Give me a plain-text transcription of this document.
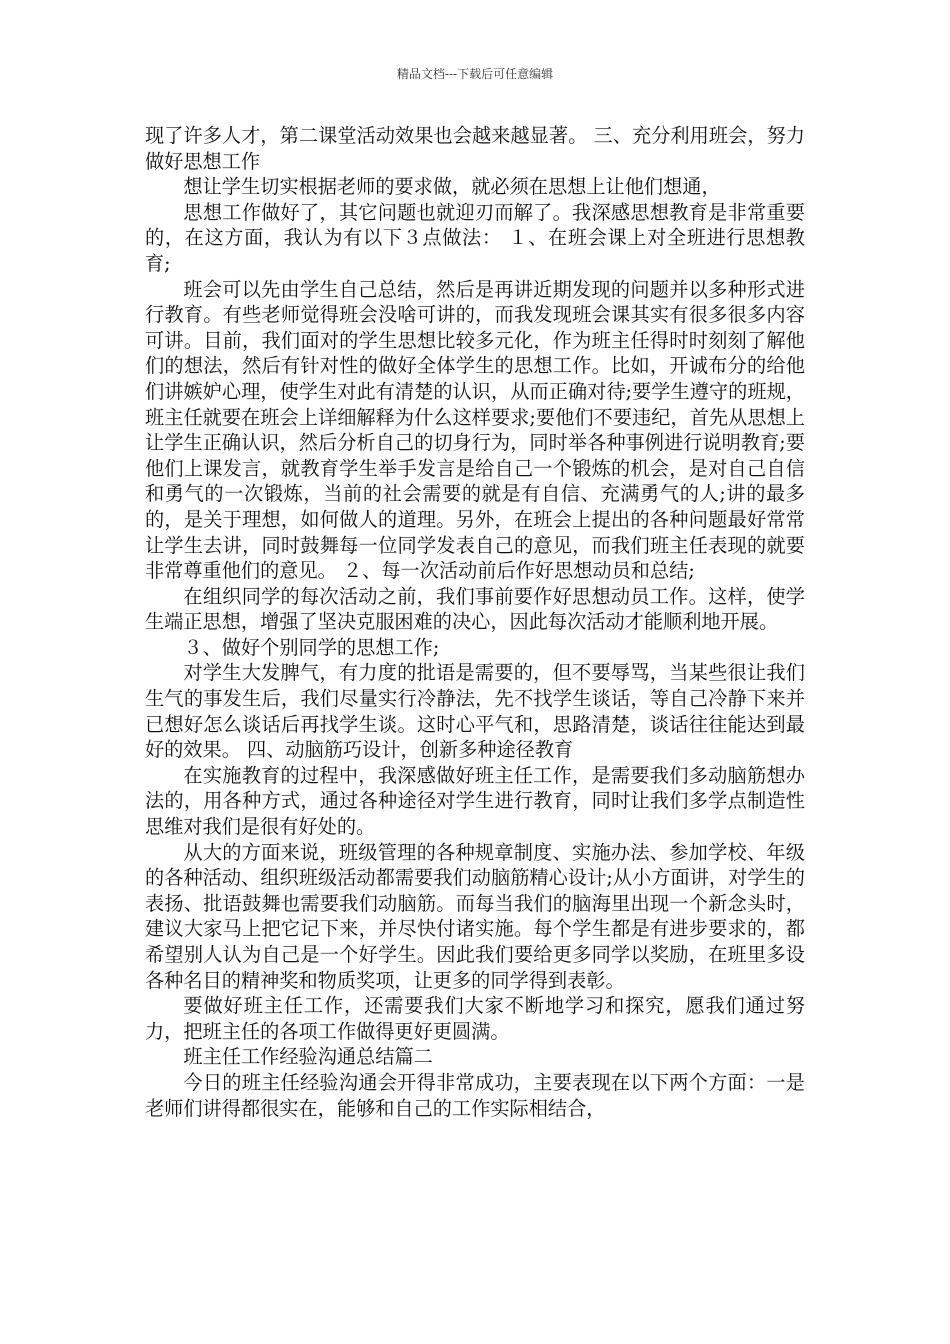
精品文档---下载后可任意编辑

现了许多人才，第二课堂活动效果也会越来越显著。 三、充分利用班会，努力做好思想工作

想让学生切实根据老师的要求做，就必须在思想上让他们想通，

思想工作做好了，其它问题也就迎刃而解了。我深感思想教育是非常重要的，在这方面，我认为有以下３点做法： １、在班会课上对全班进行思想教育;

班会可以先由学生自己总结，然后是再讲近期发现的问题并以多种形式进行教育。有些老师觉得班会没啥可讲的，而我发现班会课其实有很多很多内容可讲。目前，我们面对的学生思想比较多元化，作为班主任得时时刻刻了解他们的想法，然后有针对性的做好全体学生的思想工作。比如，开诚布分的给他们讲嫉妒心理，使学生对此有清楚的认识，从而正确对待;要学生遵守的班规，班主任就要在班会上详细解释为什么这样要求;要他们不要违纪，首先从思想上让学生正确认识，然后分析自己的切身行为，同时举各种事例进行说明教育;要他们上课发言，就教育学生举手发言是给自己一个锻炼的机会，是对自己自信和勇气的一次锻炼，当前的社会需要的就是有自信、充满勇气的人;讲的最多的，是关于理想，如何做人的道理。另外，在班会上提出的各种问题最好常常让学生去讲，同时鼓舞每一位同学发表自己的意见，而我们班主任表现的就要非常尊重他们的意见。 ２、每一次活动前后作好思想动员和总结;

在组织同学的每次活动之前，我们事前要作好思想动员工作。这样，使学生端正思想，增强了坚决克服困难的决心，因此每次活动才能顺利地开展。

３、做好个别同学的思想工作;

对学生大发脾气，有力度的批语是需要的，但不要辱骂，当某些很让我们生气的事发生后，我们尽量实行冷静法，先不找学生谈话，等自己冷静下来并已想好怎么谈话后再找学生谈。这时心平气和，思路清楚，谈话往往能达到最好的效果。 四、动脑筋巧设计，创新多种途径教育

在实施教育的过程中，我深感做好班主任工作，是需要我们多动脑筋想办法的，用各种方式，通过各种途径对学生进行教育，同时让我们多学点制造性思维对我们是很有好处的。

从大的方面来说，班级管理的各种规章制度、实施办法、参加学校、年级的各种活动、组织班级活动都需要我们动脑筋精心设计;从小方面讲，对学生的表扬、批语鼓舞也需要我们动脑筋。而每当我们的脑海里出现一个新念头时，建议大家马上把它记下来，并尽快付诸实施。每个学生都是有进步要求的，都希望别人认为自己是一个好学生。因此我们要给更多同学以奖励，在班里多设各种名目的精神奖和物质奖项，让更多的同学得到表彰。

要做好班主任工作，还需要我们大家不断地学习和探究，愿我们通过努力，把班主任的各项工作做得更好更圆满。

班主任工作经验沟通总结篇二

今日的班主任经验沟通会开得非常成功，主要表现在以下两个方面：一是老师们讲得都很实在，能够和自己的工作实际相结合，
